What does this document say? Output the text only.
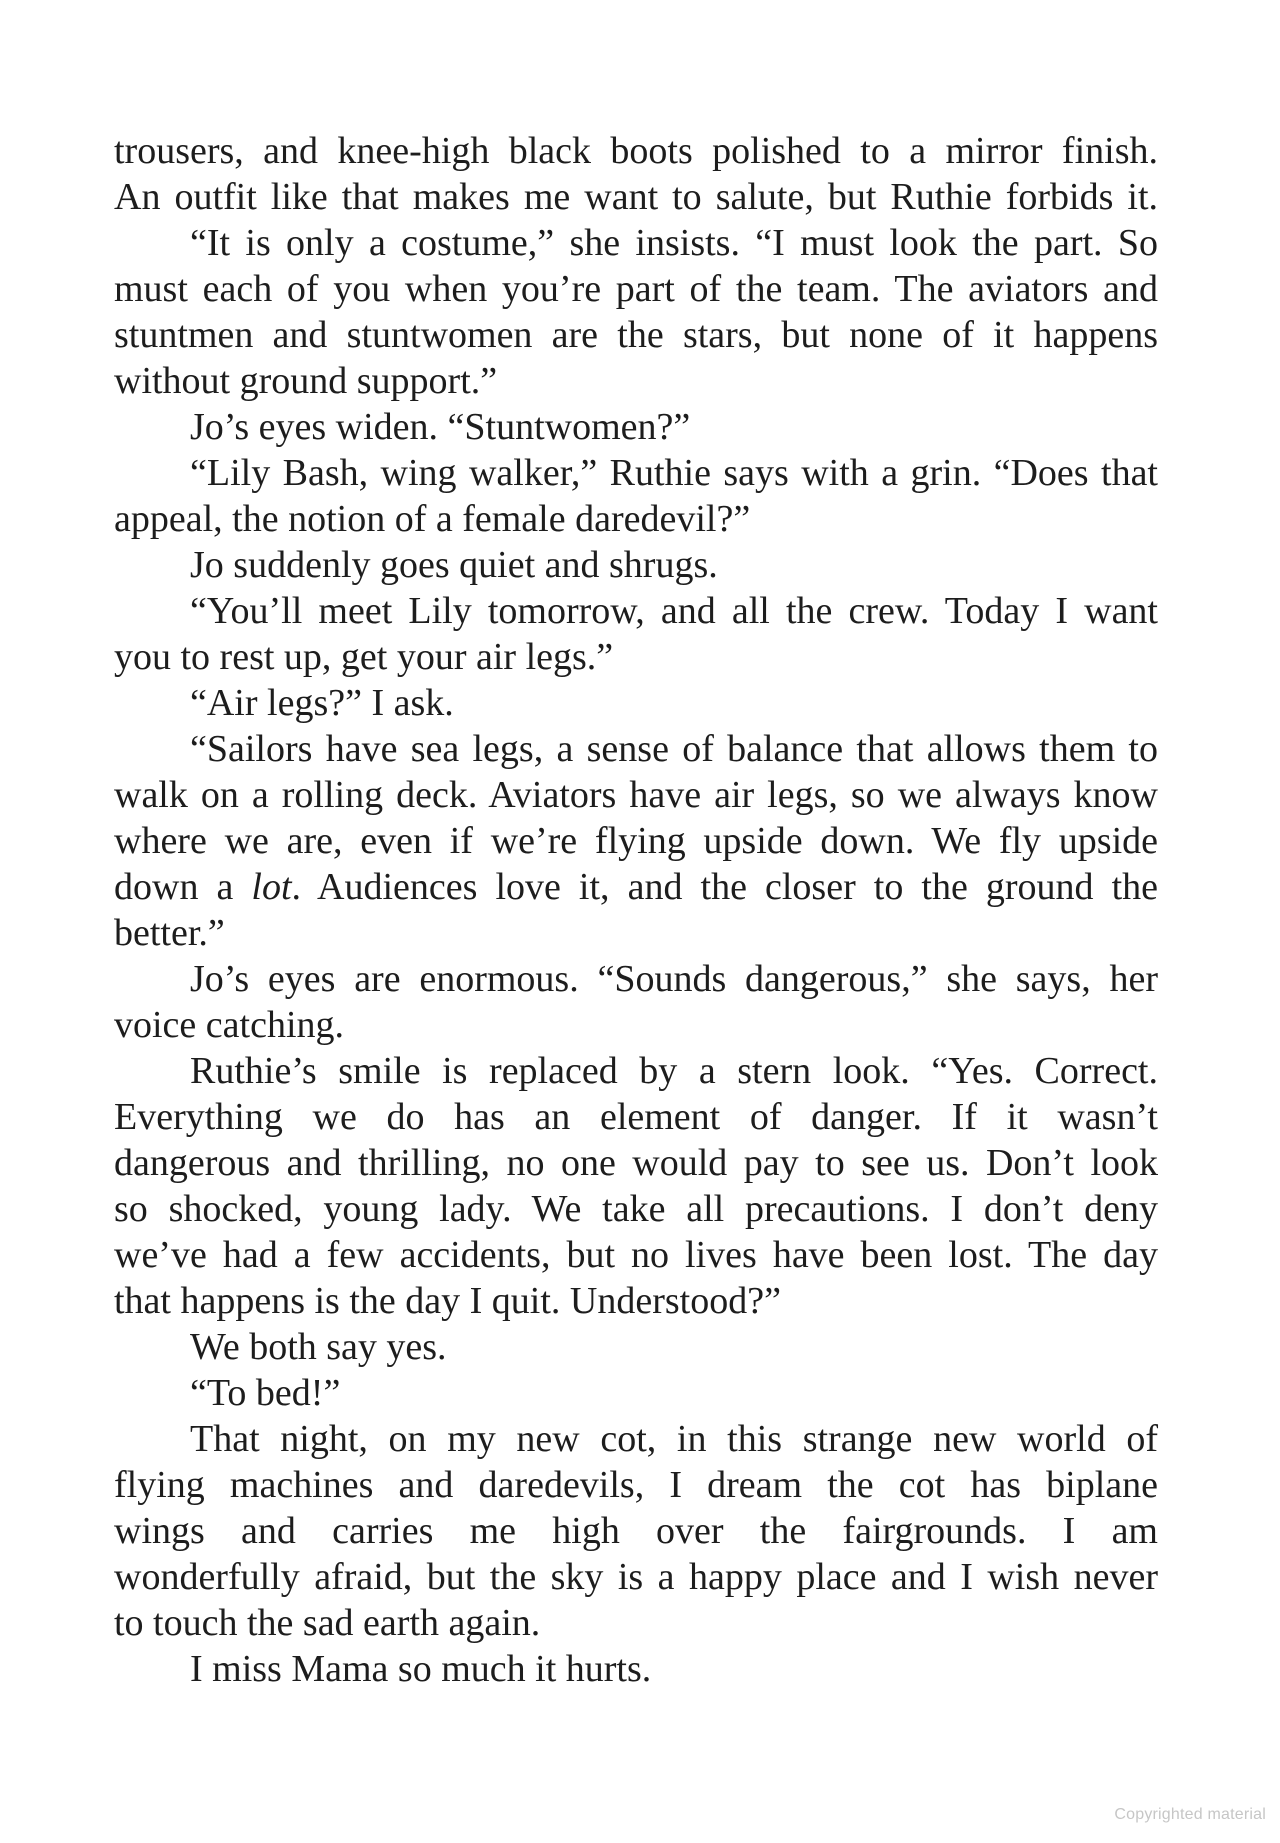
trousers, and knee-high black boots polished to a mirror finish.
An outfit like that makes me want to salute, but Ruthie forbids it.
“It is only a costume,” she insists. “I must look the part. So
must each of you when you’re part of the team. The aviators and
stuntmen and stuntwomen are the stars, but none of it happens
without ground support.”
Jo’s eyes widen. “Stuntwomen?”
“Lily Bash, wing walker,” Ruthie says with a grin. “Does that
appeal, the notion of a female daredevil?”
Jo suddenly goes quiet and shrugs.
“You’ll meet Lily tomorrow, and all the crew. Today I want
you to rest up, get your air legs.”
“Air legs?” I ask.
“Sailors have sea legs, a sense of balance that allows them to
walk on a rolling deck. Aviators have air legs, so we always know
where we are, even if we’re flying upside down. We fly upside
down a lot. Audiences love it, and the closer to the ground the
better.”
Jo’s eyes are enormous. “Sounds dangerous,” she says, her
voice catching.
Ruthie’s smile is replaced by a stern look. “Yes. Correct.
Everything we do has an element of danger. If it wasn’t
dangerous and thrilling, no one would pay to see us. Don’t look
so shocked, young lady. We take all precautions. I don’t deny
we’ve had a few accidents, but no lives have been lost. The day
that happens is the day I quit. Understood?”
We both say yes.
“To bed!”
That night, on my new cot, in this strange new world of
flying machines and daredevils, I dream the cot has biplane
wings and carries me high over the fairgrounds. I am
wonderfully afraid, but the sky is a happy place and I wish never
to touch the sad earth again.
I miss Mama so much it hurts.
Copyrighted material
